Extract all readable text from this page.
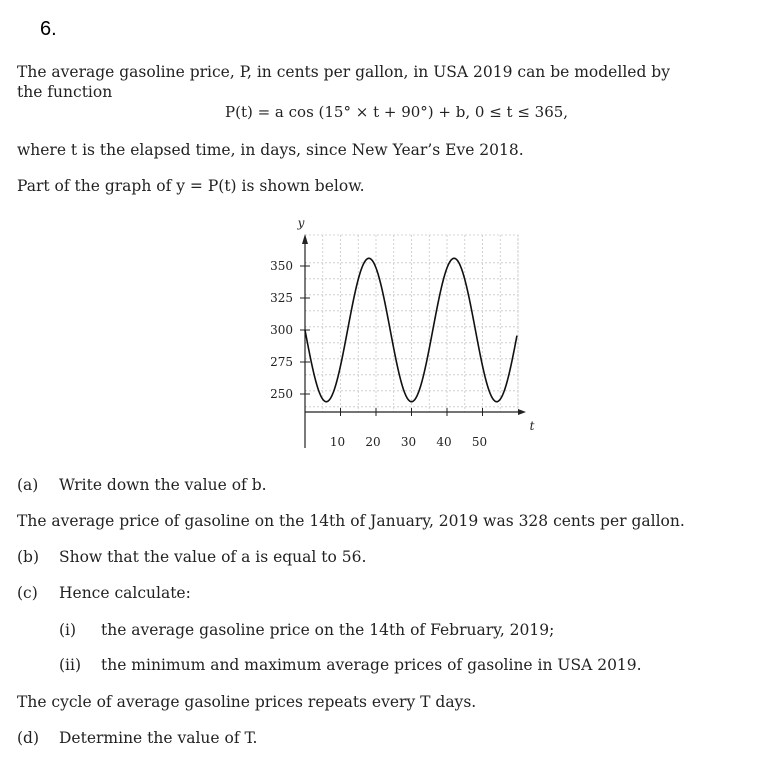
6.
The average gasoline price, P, in cents per gallon, in USA 2019 can be modelled by
the function
P(t) = a cos (15° × t + 90°) + b, 0 ≤ t ≤ 365,
where t is the elapsed time, in days, since New Year’s Eve 2018.
Part of the graph of y = P(t) is shown below.
y
t
250
275
300
325
350
10 20 30 40 50
(a) Write down the value of b.
The average price of gasoline on the 14th of January, 2019 was 328 cents per gallon.
(b) Show that the value of a is equal to 56.
(c) Hence calculate:
(i) the average gasoline price on the 14th of February, 2019;
(ii) the minimum and maximum average prices of gasoline in USA 2019.
The cycle of average gasoline prices repeats every T days.
(d) Determine the value of T.
